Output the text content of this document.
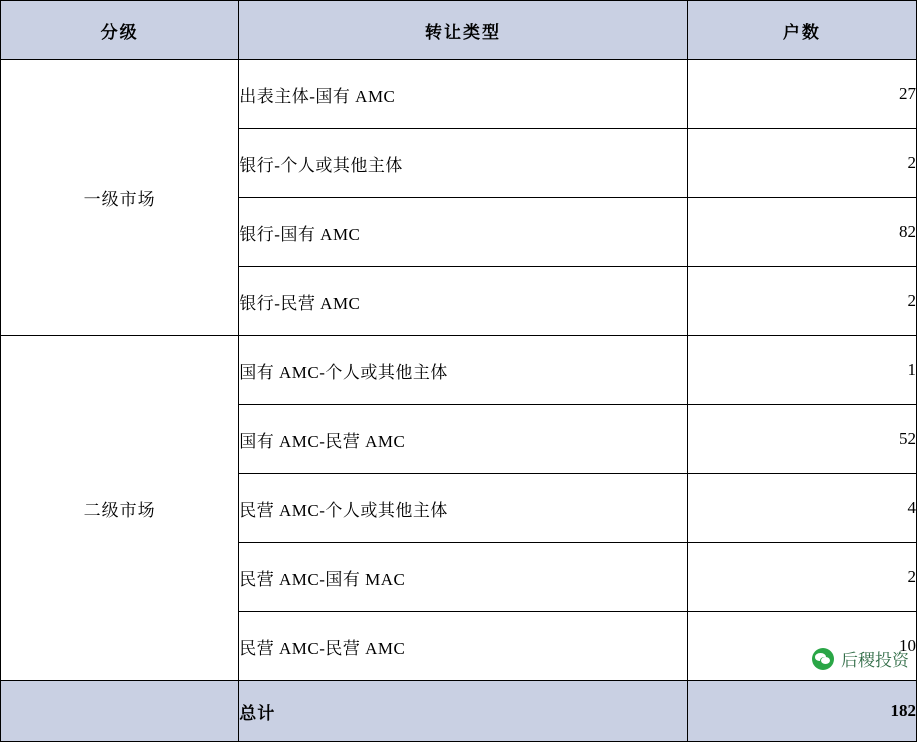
分级	转让类型	户数

一级市场	出表主体-国有 AMC	27
	银行-个人或其他主体	2
	银行-国有 AMC	82
	银行-民营 AMC	2
二级市场	国有 AMC-个人或其他主体	1
	国有 AMC-民营 AMC	52
	民营 AMC-个人或其他主体	4
	民营 AMC-国有 MAC	2
	民营 AMC-民营 AMC	10
	总计	182
后稷投资
